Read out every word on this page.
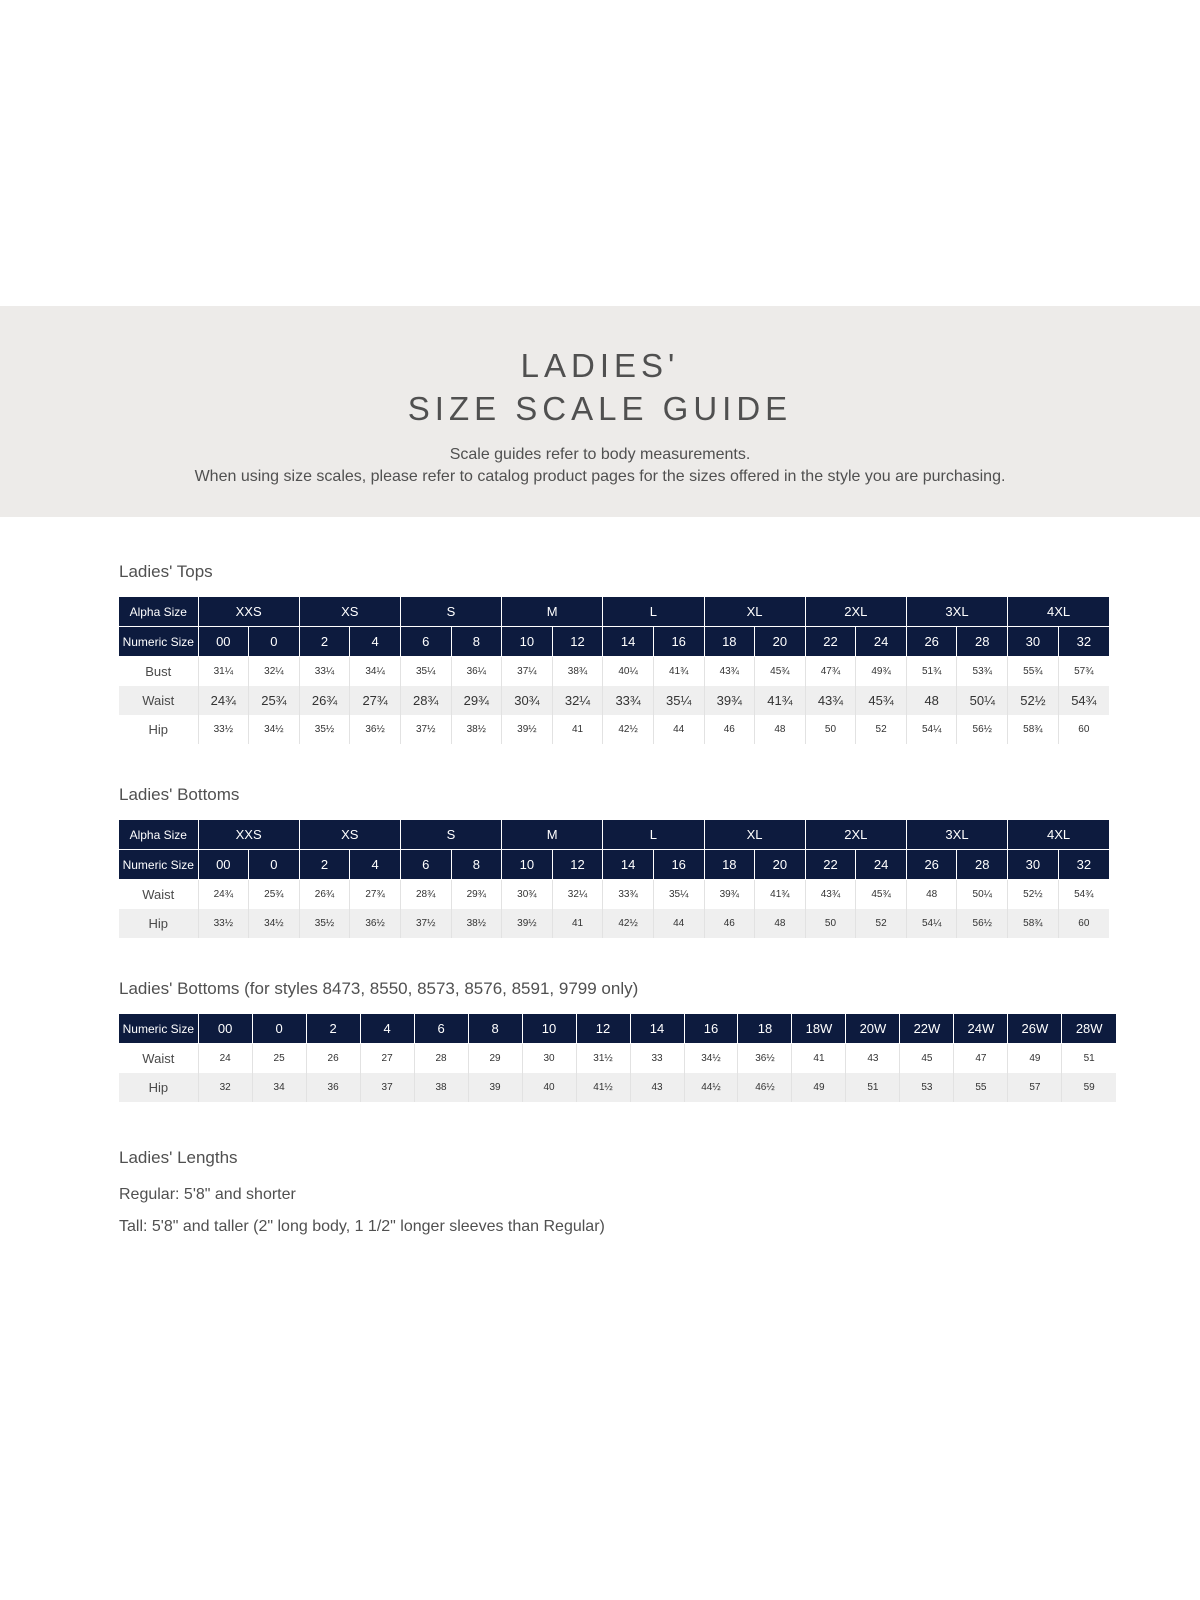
LADIES'
SIZE SCALE GUIDE
Scale guides refer to body measurements.
When using size scales, please refer to catalog product pages for the sizes offered in the style you are purchasing.
Ladies' Tops
Alpha Size	XXS		XS		S		M		L		XL		2XL		3XL		4XL	
Numeric Size	00	0	2	4	6	8	10	12	14	16	18	20	22	24	26	28	30	32
Bust	31¼	32¼	33¼	34¼	35¼	36¼	37¼	38¾	40¼	41¾	43¾	45¾	47¾	49¾	51¾	53¾	55¾	57¾
Waist	24¾	25¾	26¾	27¾	28¾	29¾	30¾	32¼	33¾	35¼	39¾	41¾	43¾	45¾	48	50¼	52½	54¾
Hip	33½	34½	35½	36½	37½	38½	39½	41	42½	44	46	48	50	52	54¼	56½	58¾	60
Ladies' Bottoms
Alpha Size	XXS		XS		S		M		L		XL		2XL		3XL		4XL	
Numeric Size	00	0	2	4	6	8	10	12	14	16	18	20	22	24	26	28	30	32
Waist	24¾	25¾	26¾	27¾	28¾	29¾	30¾	32¼	33¾	35¼	39¾	41¾	43¾	45¾	48	50¼	52½	54¾
Hip	33½	34½	35½	36½	37½	38½	39½	41	42½	44	46	48	50	52	54¼	56½	58¾	60
Ladies' Bottoms (for styles 8473, 8550, 8573, 8576, 8591, 9799 only)
Numeric Size	00	0	2	4	6	8	10	12	14	16	18	18W	20W	22W	24W	26W	28W
Waist	24	25	26	27	28	29	30	31½	33	34½	36½	41	43	45	47	49	51
Hip	32	34	36	37	38	39	40	41½	43	44½	46½	49	51	53	55	57	59
Ladies' Lengths

Regular: 5'8" and shorter

Tall: 5'8" and taller (2" long body, 1 1/2" longer sleeves than Regular)
